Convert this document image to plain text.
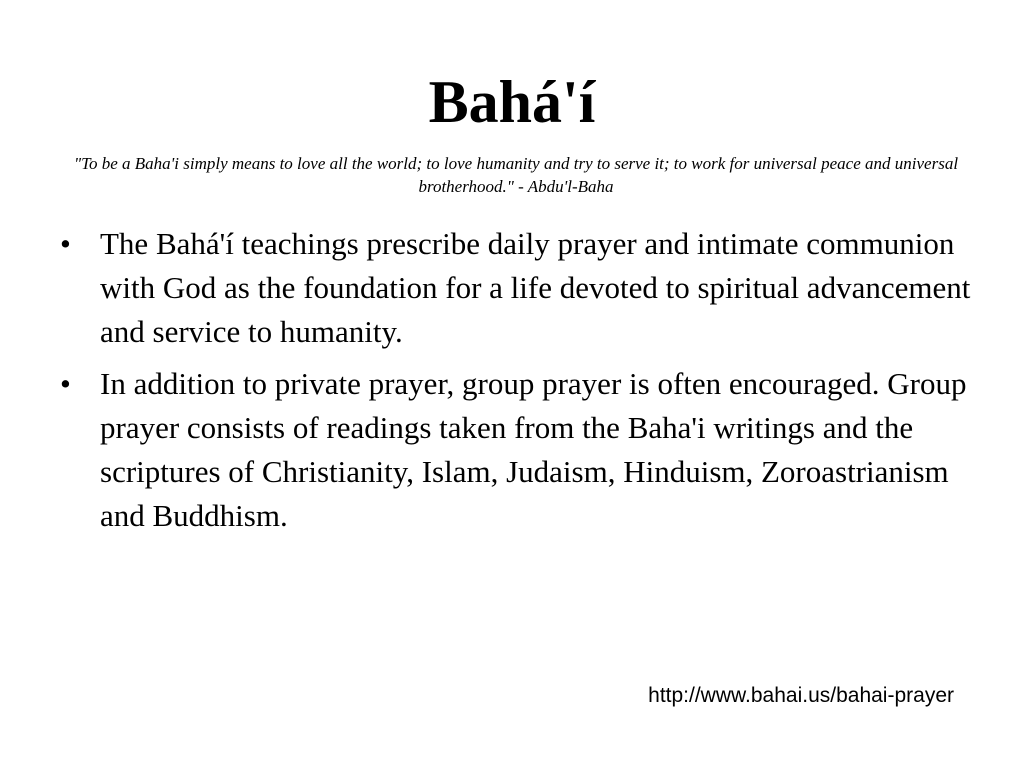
Bahá'í

"To be a Baha'i simply means to love all the world; to love humanity and try to serve it; to work for universal peace and universal brotherhood." - Abdu'l-Baha

• The Bahá'í teachings prescribe daily prayer and intimate communion with God as the foundation for a life devoted to spiritual advancement and service to humanity.
• In addition to private prayer, group prayer is often encouraged. Group prayer consists of readings taken from the Baha'i writings and the scriptures of Christianity, Islam, Judaism, Hinduism, Zoroastrianism and Buddhism.
http://www.bahai.us/bahai-prayer
